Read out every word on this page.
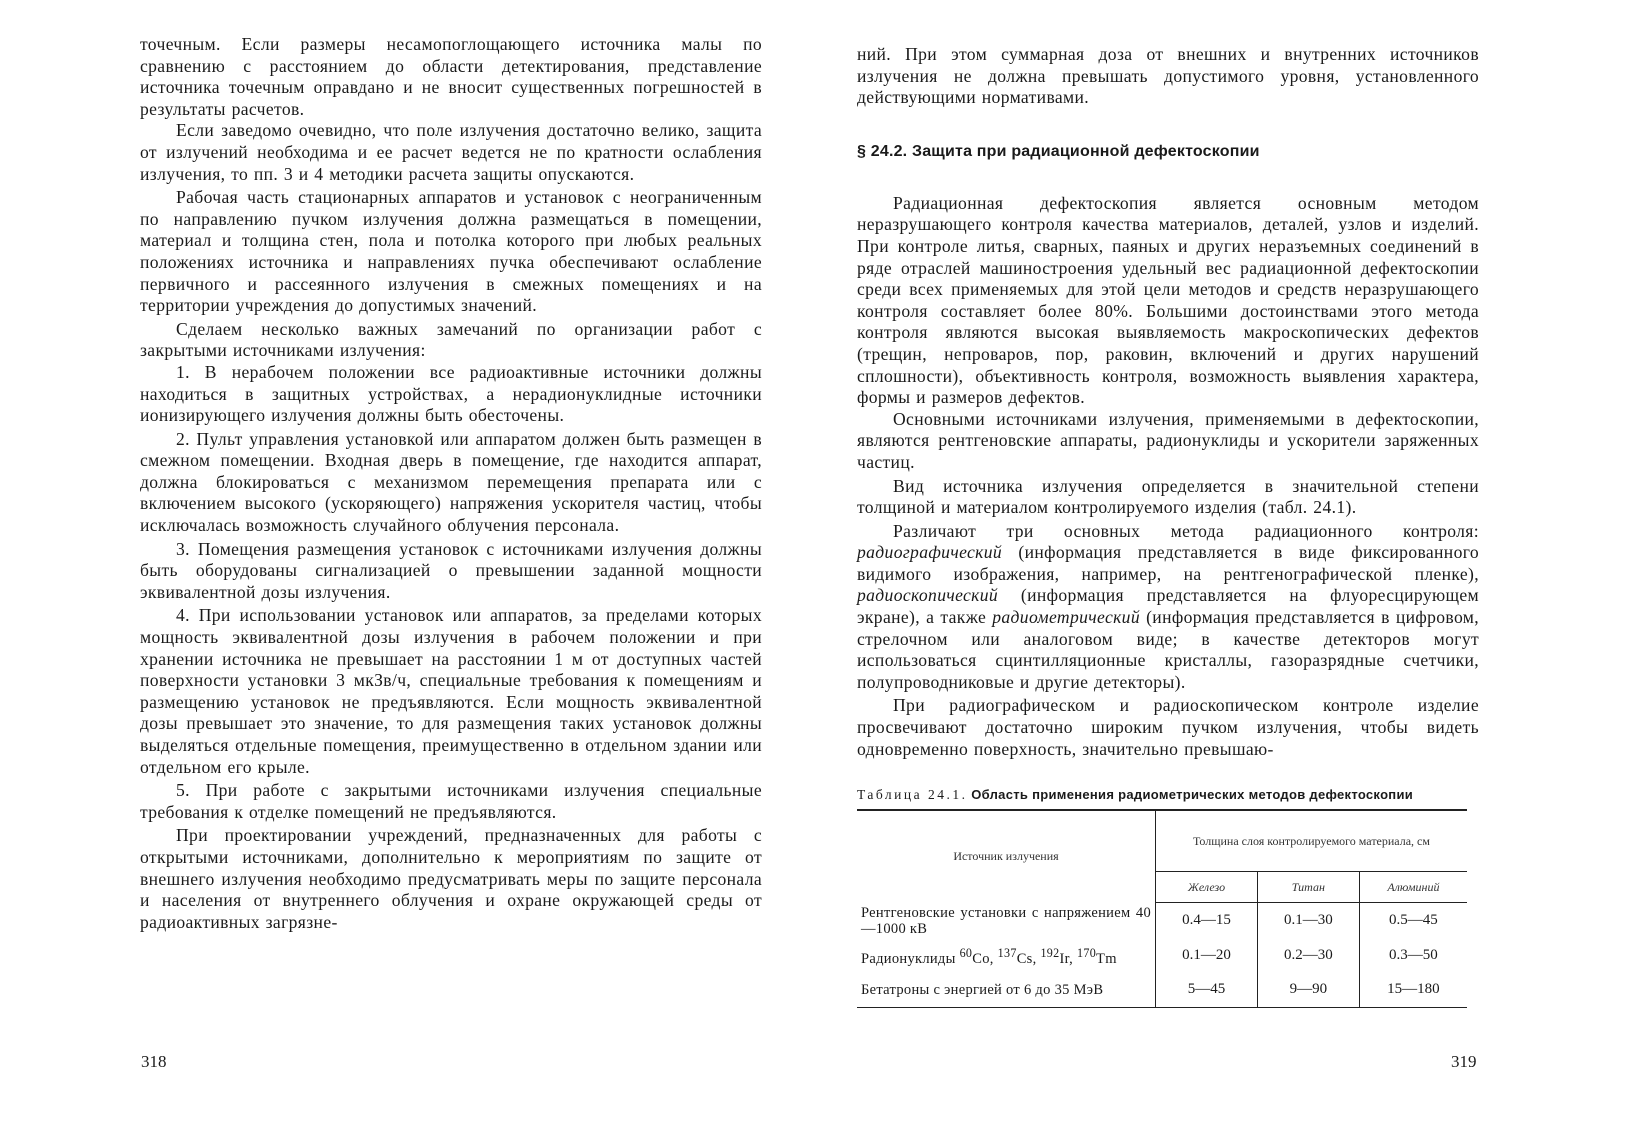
точечным. Если размеры несамопоглощающего источника малы по сравнению с расстоянием до области детектирования, представление источника точечным оправдано и не вносит существенных погрешностей в результаты расчетов.

Если заведомо очевидно, что поле излучения достаточно велико, защита от излучений необходима и ее расчет ведется не по кратности ослабления излучения, то пп. 3 и 4 методики расчета защиты опускаются.

Рабочая часть стационарных аппаратов и установок с неограниченным по направлению пучком излучения должна размещаться в помещении, материал и толщина стен, пола и потолка которого при любых реальных положениях источника и направлениях пучка обеспечивают ослабление первичного и рассеянного излучения в смежных помещениях и на территории учреждения до допустимых значений.

Сделаем несколько важных замечаний по организации работ с закрытыми источниками излучения:

1. В нерабочем положении все радиоактивные источники должны находиться в защитных устройствах, а нерадионуклидные источники ионизирующего излучения должны быть обесточены.

2. Пульт управления установкой или аппаратом должен быть размещен в смежном помещении. Входная дверь в помещение, где находится аппарат, должна блокироваться с механизмом перемещения препарата или с включением высокого (ускоряющего) напряжения ускорителя частиц, чтобы исключалась возможность случайного облучения персонала.

3. Помещения размещения установок с источниками излучения должны быть оборудованы сигнализацией о превышении заданной мощности эквивалентной дозы излучения.

4. При использовании установок или аппаратов, за пределами которых мощность эквивалентной дозы излучения в рабочем положении и при хранении источника не превышает на расстоянии 1 м от доступных частей поверхности установки 3 мкЗв/ч, специальные требования к помещениям и размещению установок не предъявляются. Если мощность эквивалентной дозы превышает это значение, то для размещения таких установок должны выделяться отдельные помещения, преимущественно в отдельном здании или отдельном его крыле.

5. При работе с закрытыми источниками излучения специальные требования к отделке помещений не предъявляются.

При проектировании учреждений, предназначенных для работы с открытыми источниками, дополнительно к мероприятиям по защите от внешнего излучения необходимо предусматривать меры по защите персонала и населения от внутреннего облучения и охране окружающей среды от радиоактивных загрязне-

318

ний. При этом суммарная доза от внешних и внутренних источников излучения не должна превышать допустимого уровня, установленного действующими нормативами.

§ 24.2. Защита при радиационной дефектоскопии

Радиационная дефектоскопия является основным методом неразрушающего контроля качества материалов, деталей, узлов и изделий. При контроле литья, сварных, паяных и других неразъемных соединений в ряде отраслей машиностроения удельный вес радиационной дефектоскопии среди всех применяемых для этой цели методов и средств неразрушающего контроля составляет более 80%. Большими достоинствами этого метода контроля являются высокая выявляемость макроскопических дефектов (трещин, непроваров, пор, раковин, включений и других нарушений сплошности), объективность контроля, возможность выявления характера, формы и размеров дефектов.

Основными источниками излучения, применяемыми в дефектоскопии, являются рентгеновские аппараты, радионуклиды и ускорители заряженных частиц.

Вид источника излучения определяется в значительной степени толщиной и материалом контролируемого изделия (табл. 24.1).

Различают три основных метода радиационного контроля: радиографический (информация представляется в виде фиксированного видимого изображения, например, на рентгенографической пленке), радиоскопический (информация представляется на флуоресцирующем экране), а также радиометрический (информация представляется в цифровом, стрелочном или аналоговом виде; в качестве детекторов могут использоваться сцинтилляционные кристаллы, газоразрядные счетчики, полупроводниковые и другие детекторы).

При радиографическом и радиоскопическом контроле изделие просвечивают достаточно широким пучком излучения, чтобы видеть одновременно поверхность, значительно превышаю-

Таблица 24.1. Область применения радиометрических методов дефектоскопии
Источник излучения	Толщина слоя контролируемого материала, см		
	Железо	Титан	Алюминий
Рентгеновские установки с напряжением 40—1000 кВ	0.4—15	0.1—30	0.5—45
Радионуклиды $^{60}$Co, $^{137}$Cs, $^{192}$Ir, $^{170}$Tm	0.1—20	0.2—30	0.3—50
Бетатроны с энергией от 6 до 35 МэВ	5—45	9—90	15—180
319
